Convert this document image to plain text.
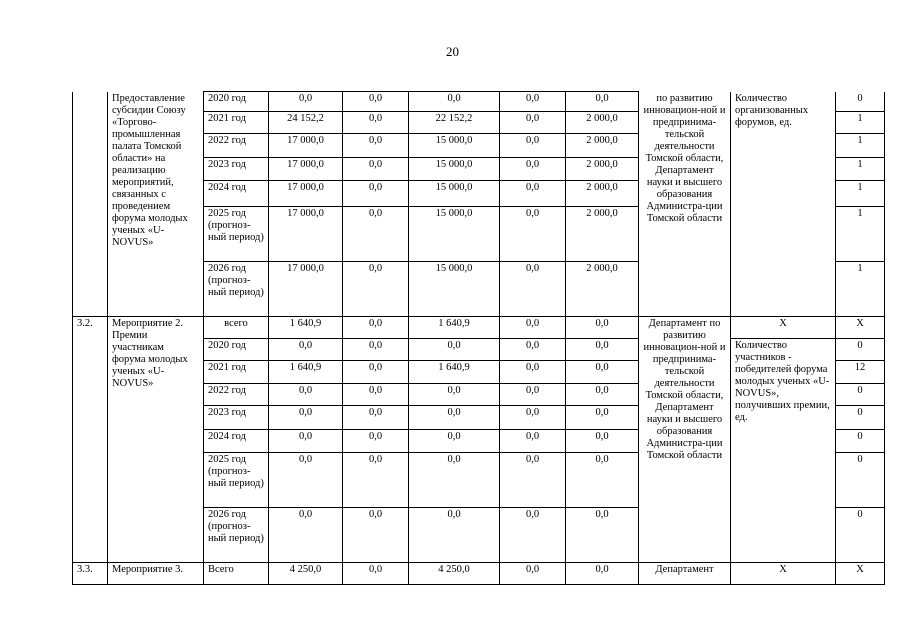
20
	Предоставление субсидии Союзу «Торгово-промышленная палата Томской области» на реализацию мероприятий, связанных с проведением форума молодых ученых «U-NOVUS»	2020 год	0,0	0,0	0,0	0,0	0,0	по развитию инновацион-ной и предпринима-тельской деятельности Томской области, Департамент науки и высшего образования Администра-ции Томской области	Количество организованных форумов, ед.	0
		2021 год	24 152,2	0,0	22 152,2	0,0	2 000,0			1
		2022 год	17 000,0	0,0	15 000,0	0,0	2 000,0			1
		2023 год	17 000,0	0,0	15 000,0	0,0	2 000,0			1
		2024 год	17 000,0	0,0	15 000,0	0,0	2 000,0			1
		2025 год (прогноз-ный период)	17 000,0	0,0	15 000,0	0,0	2 000,0			1
		2026 год (прогноз-ный период)	17 000,0	0,0	15 000,0	0,0	2 000,0			1
3.2.	Мероприятие 2. Премии участникам форума молодых ученых «U-NOVUS»	всего	1 640,9	0,0	1 640,9	0,0	0,0	Департамент по развитию инновацион-ной и предпринима-тельской деятельности Томской области, Департамент науки и высшего образования Администра-ции Томской области	X	X
		2020 год	0,0	0,0	0,0	0,0	0,0		Количество участников - победителей форума молодых ученых «U-NOVUS», получивших премии, ед.	0
		2021 год	1 640,9	0,0	1 640,9	0,0	0,0			12
		2022 год	0,0	0,0	0,0	0,0	0,0			0
		2023 год	0,0	0,0	0,0	0,0	0,0			0
		2024 год	0,0	0,0	0,0	0,0	0,0			0
		2025 год (прогноз-ный период)	0,0	0,0	0,0	0,0	0,0			0
		2026 год (прогноз-ный период)	0,0	0,0	0,0	0,0	0,0			0
3.3.	Мероприятие 3.	Всего	4 250,0	0,0	4 250,0	0,0	0,0	Департамент	X	X
